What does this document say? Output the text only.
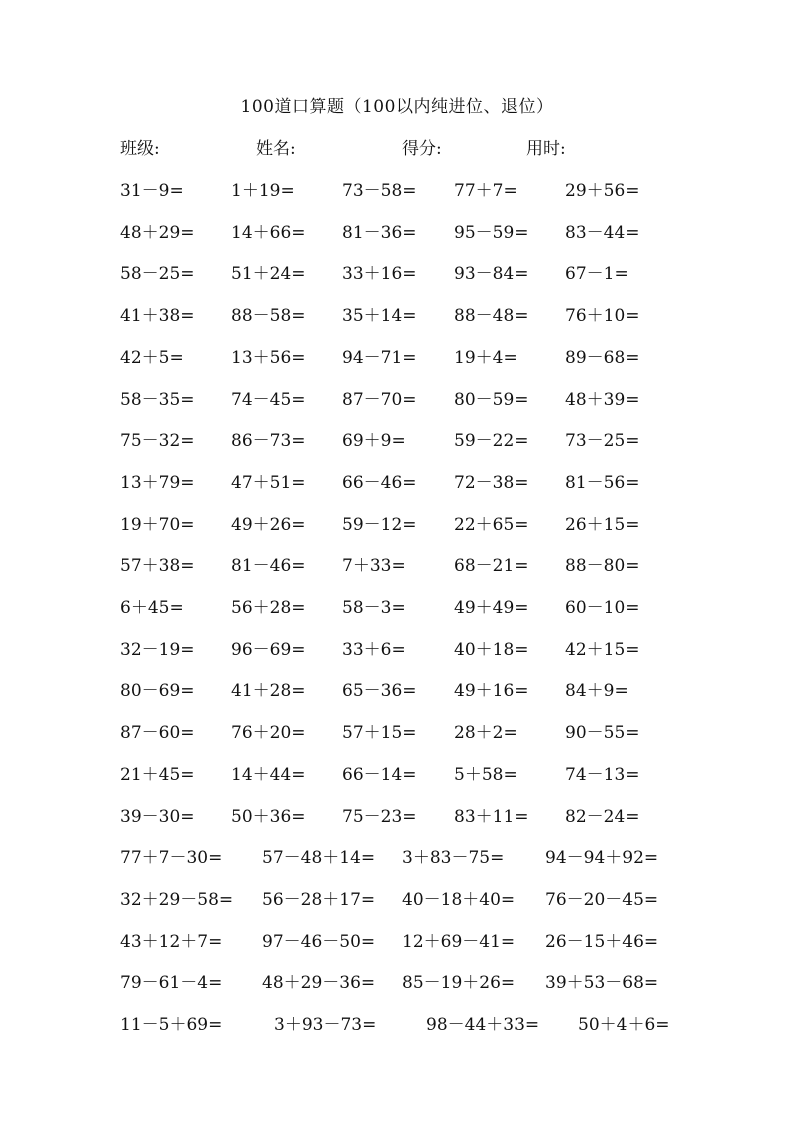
100道口算题（100以内纯进位、退位）
班级:	姓名:	得分:	用时:
31－9=	1＋19=	73－58= 77＋7=	29＋56=
48＋29= 14＋66= 81－36= 95－59= 83－44=
58－25= 51＋24= 33＋16= 93－84= 67－1=
41＋38= 88－58= 35＋14= 88－48= 76＋10=
42＋5=	13＋56= 94－71= 19＋4=	89－68=
58－35= 74－45= 87－70= 80－59= 48＋39=
75－32= 86－73= 69＋9=	59－22= 73－25=
13＋79= 47＋51= 66－46= 72－38= 81－56=
19＋70= 49＋26= 59－12= 22＋65= 26＋15=
57＋38= 81－46= 7＋33=	68－21= 88－80=
6＋45=	56＋28= 58－3=	49＋49= 60－10=
32－19= 96－69= 33＋6=	40＋18= 42＋15=
80－69= 41＋28= 65－36= 49＋16= 84＋9=
87－60= 76＋20= 57＋15= 28＋2=	90－55=
21＋45= 14＋44= 66－14= 5＋58=	74－13=
39－30= 50＋36= 75－23= 83＋11= 82－24=
77＋7－30= 57－48＋14= 3＋83－75= 94－94＋92=
32＋29－58= 56－28＋17= 40－18＋40= 76－20－45=
43＋12＋7= 97－46－50= 12＋69－41= 26－15＋46=
79－61－4= 48＋29－36= 85－19＋26= 39＋53－68=
11－5＋69=	3＋93－73=	98－44＋33= 50＋4＋6=
